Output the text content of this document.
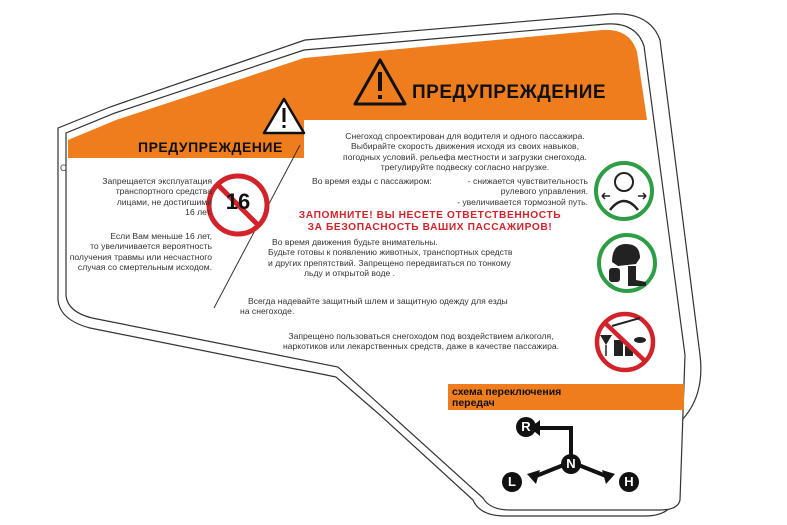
O
ПРЕДУПРЕЖДЕНИЕ
16
Запрещается эксплуатация
транспортного средства
лицами, не достигшими
16 лет.
Если Вам меньше 16 лет,
то увеличивается вероятность
получения травмы или несчастного
случая со смертельным исходом.
ПРЕДУПРЕЖДЕНИЕ
Снегоход спроектирован для водителя и одного пассажира.
Выбирайте скорость движения исходя из своих навыков,
погодных условий. рельефа местности и загрузки снегохода.
трегулируйте подвеску согласно нагрузке.
Во время езды с пассажиром:	- снижается чувствительность
рулевого управления.
- увеличивается тормозной путь.
ЗАПОМНИТЕ! ВЫ НЕСЕТЕ ОТВЕТСТВЕННОСТЬ
ЗА БЕЗОПАСНОСТЬ ВАШИХ ПАССАЖИРОВ!
Во время движения будьте внимательны.
Будьте готовы к появлению животных, транспортных средств
и других препятствий. Запрещено передвигаться по тонкому
льду и открытой воде .
Всегда надевайте защитный шлем и защитную одежду для езды
на снегоходе.
Запрещено пользоваться снегоходом под воздействием алкоголя,
наркотиков или лекарственных средств, даже в качестве пассажира.
схема переключения
передач
R
N
L	H
